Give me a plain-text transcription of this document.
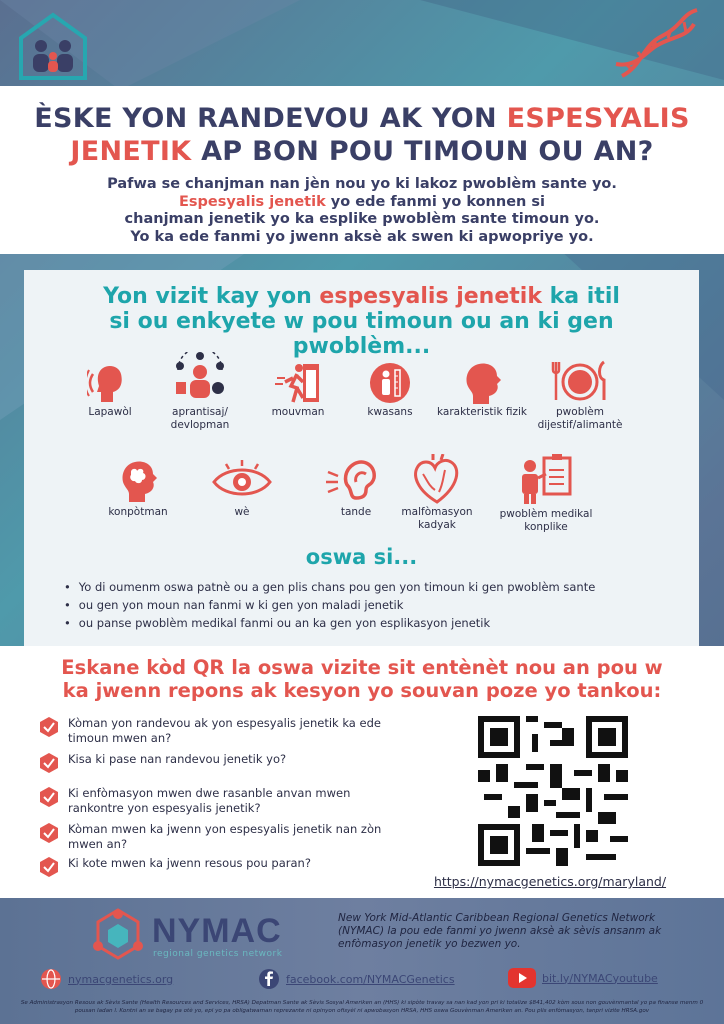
ÈSKE YON RANDEVOU AK YON ESPESYALIS
JENETIK AP BON POU TIMOUN OU AN?
Pafwa se chanjman nan jèn nou yo ki lakoz pwoblèm sante yo.
Espesyalis jenetik yo ede fanmi yo konnen si
chanjman jenetik yo ka esplike pwoblèm sante timoun yo.
Yo ka ede fanmi yo jwenn aksè ak swen ki apwopriye yo.
Yon vizit kay yon espesyalis jenetik ka itil
si ou enkyete w pou timoun ou an ki gen
pwoblèm...
Lapawòl	aprantisaj/ devlopman
mouvman	kwasans	karakteristik fizik	pwoblèm dijestif/alimantè
konpòtman	wè	tande	malfòmasyon kadyak
pwoblèm medikal konplike
oswa si...
• Yo di oumenm oswa patnè ou a gen plis chans pou gen yon timoun ki gen pwoblèm sante
• ou gen yon moun nan fanmi w ki gen yon maladi jenetik
• ou panse pwoblèm medikal fanmi ou an ka gen yon esplikasyon jenetik
Eskane kòd QR la oswa vizite sit entènèt nou an pou w
ka jwenn repons ak kesyon yo souvan poze yo tankou:
Kòman yon randevou ak yon espesyalis jenetik ka ede timoun mwen an?
Kisa ki pase nan randevou jenetik yo?
Ki enfòmasyon mwen dwe rasanble anvan mwen rankontre yon espesyalis jenetik?
Kòman mwen ka jwenn yon espesyalis jenetik nan zòn mwen an?
Ki kote mwen ka jwenn resous pou paran?
https://nymacgenetics.org/maryland/
NYMAC
regional genetics network
New York Mid-Atlantic Caribbean Regional Genetics Network (NYMAC) la pou ede fanmi yo jwenn aksè ak sèvis ansanm ak enfòmasyon jenetik yo bezwen yo.
nymacgenetics.org	facebook.com/NYMACGenetics	bit.ly/NYMACyoutube
Se Administrasyon Resous ak Sèvis Sante (Health Resources and Services, HRSA) Depatman Sante ak Sèvis Sosyal Ameriken an (HHS) ki sipòte travay sa nan kad yon pri ki totalize $841,402 kòm sous non gouvènmantal yo pa finanse menm 0 pousan ladan l. Kontni an se bagay pa otè yo, epi yo pa obligatwaman reprezante ni opinyon ofisyèl ni apwobasyon HRSA, HHS oswa Gouvènman Ameriken an. Pou plis enfòmasyon, tanpri vizite HRSA.gov
